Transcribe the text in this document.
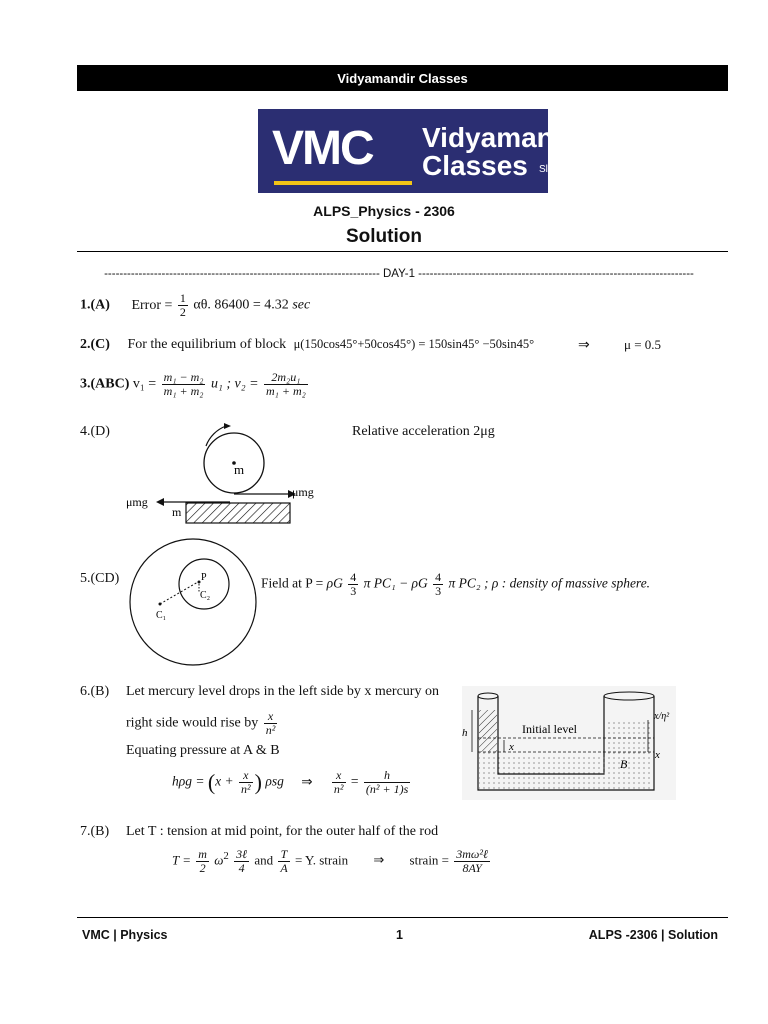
Vidyamandir Classes
VMC Vidyamandir
Classes Sl
ALPS_Physics - 2306
Solution
------------------------------------------------------------------------ DAY-1 ------------------------------------------------------------------------
1.(A) Error = $\frac{1}{2} \alpha\theta$. 86400 = 4.32 sec
2.(C) For the equilibrium of block μ(150cos45°+50cos45°) = 150sin45° −50sin45°	⇒	μ = 0.5
3.(ABC) $v_1 = \frac{\text{m₁ − m₂}}{\text{m₁ + m₂}} u_1$ ; $v_2 = \frac{\text{2m₂u₁}}{\text{m₁ + m₂}}$
4.(D)	Relative acceleration 2μg
m
μmg
μmg
m
5.(CD)	P
C₂
C₁
Field at P = ρG $\frac{4}{3}$ π PC₁ − ρG $\frac{4}{3}$ π PC₂ ; ρ : density of massive sphere.
6.(B) Let mercury level drops in the left side by x mercury on
right side would rise by $\frac{x}{\text{n²}}$
Equating pressure at A & B
$h\rho g = (x + \frac{x}{\text{n²}}$ ) ρsg ⇒ $\frac{x}{\text{n²}} = \frac{h}{\text{(n² + 1)s}}$
Initial level
h
x
x/η²
x
B
7.(B) Let T : tension at mid point, for the outer half of the rod
$T = \frac{m}{2} \omega^2 \frac{\text{3ℓ}}{4}$ and $\frac{T}{A} = Y$. strain ⇒ strain = $\frac{\text{3mω²ℓ}}{8AY}$
VMC | Physics	1	ALPS -2306 | Solution
